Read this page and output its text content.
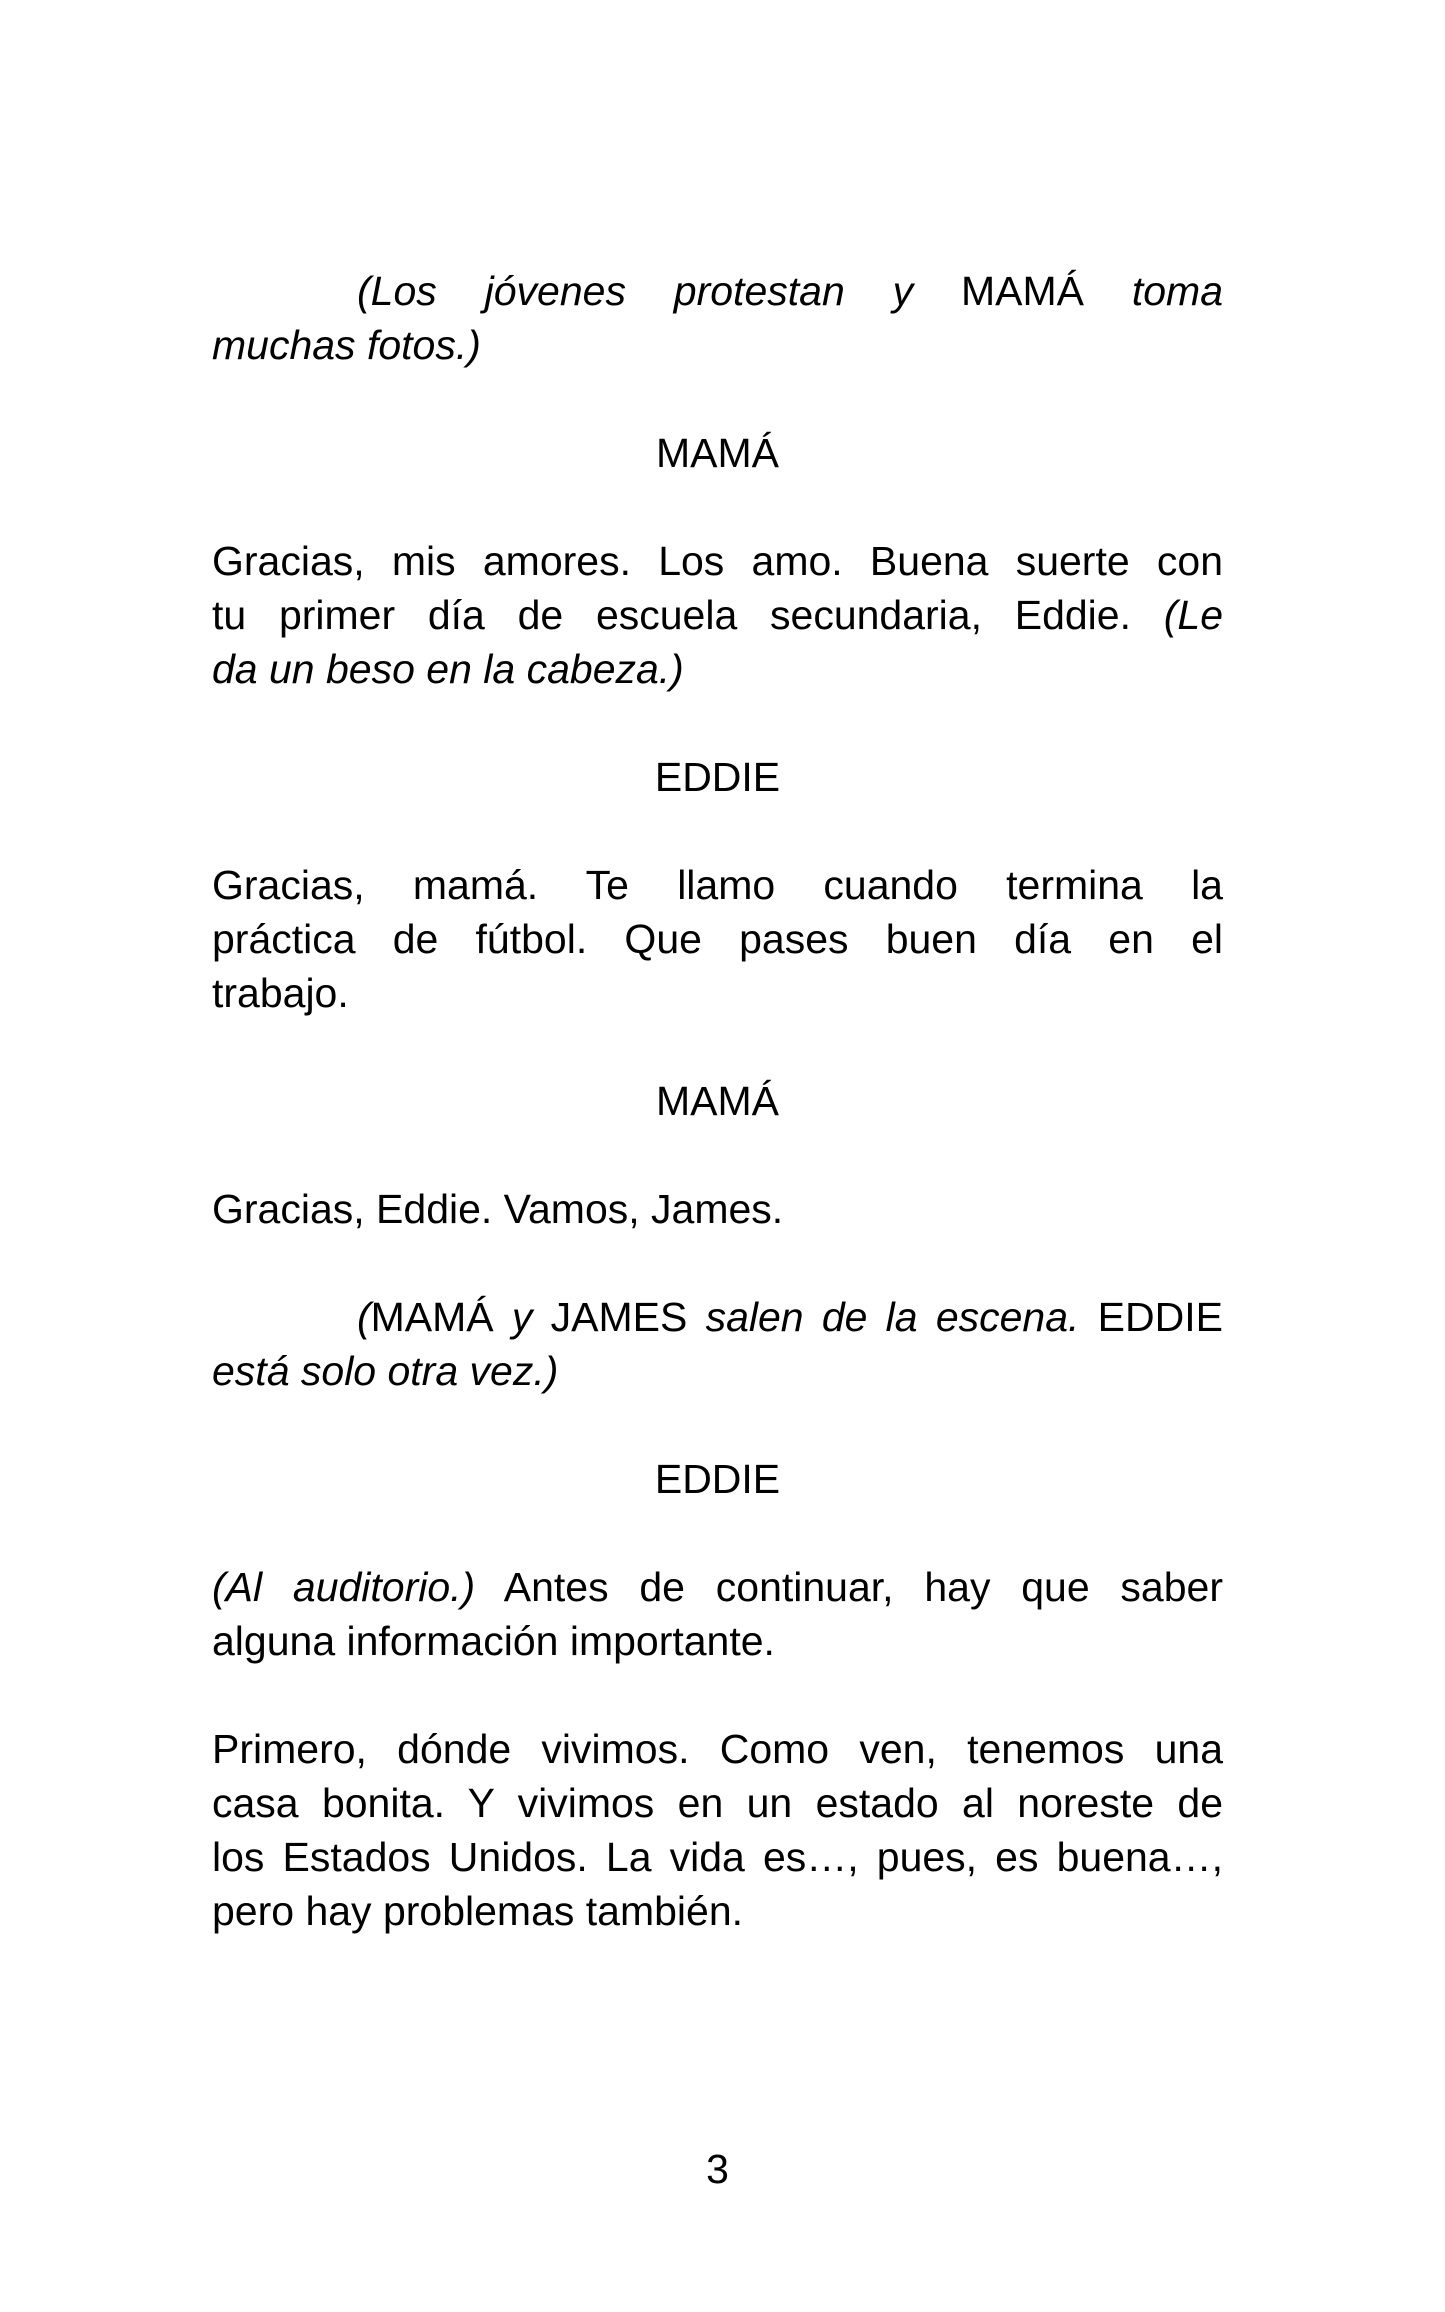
(Los jóvenes protestan y MAMÁ toma
muchas fotos.)

MAMÁ

Gracias, mis amores. Los amo. Buena suerte con
tu primer día de escuela secundaria, Eddie. (Le
da un beso en la cabeza.)

EDDIE

Gracias, mamá. Te llamo cuando termina la
práctica de fútbol. Que pases buen día en el
trabajo.

MAMÁ

Gracias, Eddie. Vamos, James.

(MAMÁ y JAMES salen de la escena. EDDIE
está solo otra vez.)

EDDIE

(Al auditorio.) Antes de continuar, hay que saber
alguna información importante.

Primero, dónde vivimos. Como ven, tenemos una
casa bonita. Y vivimos en un estado al noreste de
los Estados Unidos. La vida es…, pues, es buena…,
pero hay problemas también.

3
